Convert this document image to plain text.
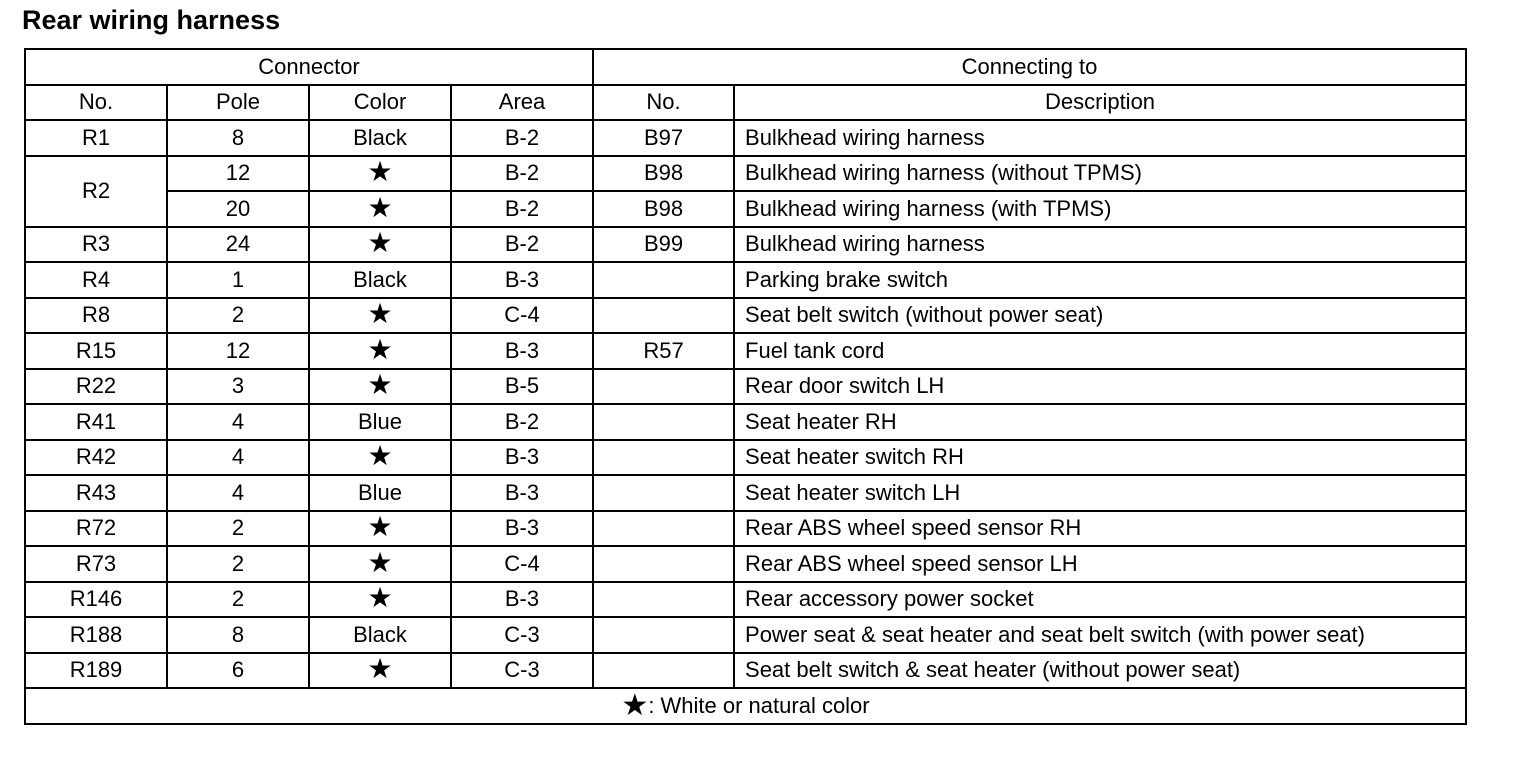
Rear wiring harness
Connector				Connecting to	
No.	Pole	Color	Area	No.	Description
R1	8	Black	B-2	B97	Bulkhead wiring harness
R2	12	★	B-2	B98	Bulkhead wiring harness (without TPMS)
	20	★	B-2	B98	Bulkhead wiring harness (with TPMS)
R3	24	★	B-2	B99	Bulkhead wiring harness
R4	1	Black	B-3		Parking brake switch
R8	2	★	C-4		Seat belt switch (without power seat)
R15	12	★	B-3	R57	Fuel tank cord
R22	3	★	B-5		Rear door switch LH
R41	4	Blue	B-2		Seat heater RH
R42	4	★	B-3		Seat heater switch RH
R43	4	Blue	B-3		Seat heater switch LH
R72	2	★	B-3		Rear ABS wheel speed sensor RH
R73	2	★	C-4		Rear ABS wheel speed sensor LH
R146	2	★	B-3		Rear accessory power socket
R188	8	Black	C-3		Power seat & seat heater and seat belt switch (with power seat)
R189	6	★	C-3		Seat belt switch & seat heater (without power seat)
★: White or natural color					
